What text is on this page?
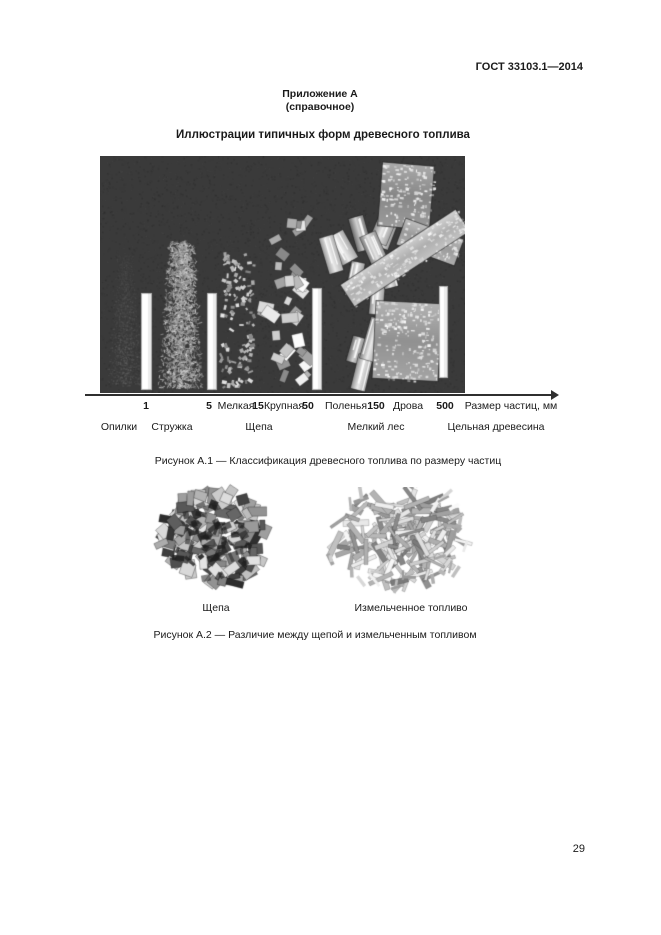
ГОСТ 33103.1—2014
Приложение А
(справочное)
Иллюстрации типичных форм древесного топлива
1	5 Мелкая
15 Крупная
50 Поленья 150 Дрова 500 Размер частиц, мм
Опилки Стружка	Щепа	Мелкий лес	Цельная древесина
Рисунок А.1 — Классификация древесного топлива по размеру частиц
Щепа	Измельченное топливо
Рисунок А.2 — Различие между щепой и измельченным топливом
29
